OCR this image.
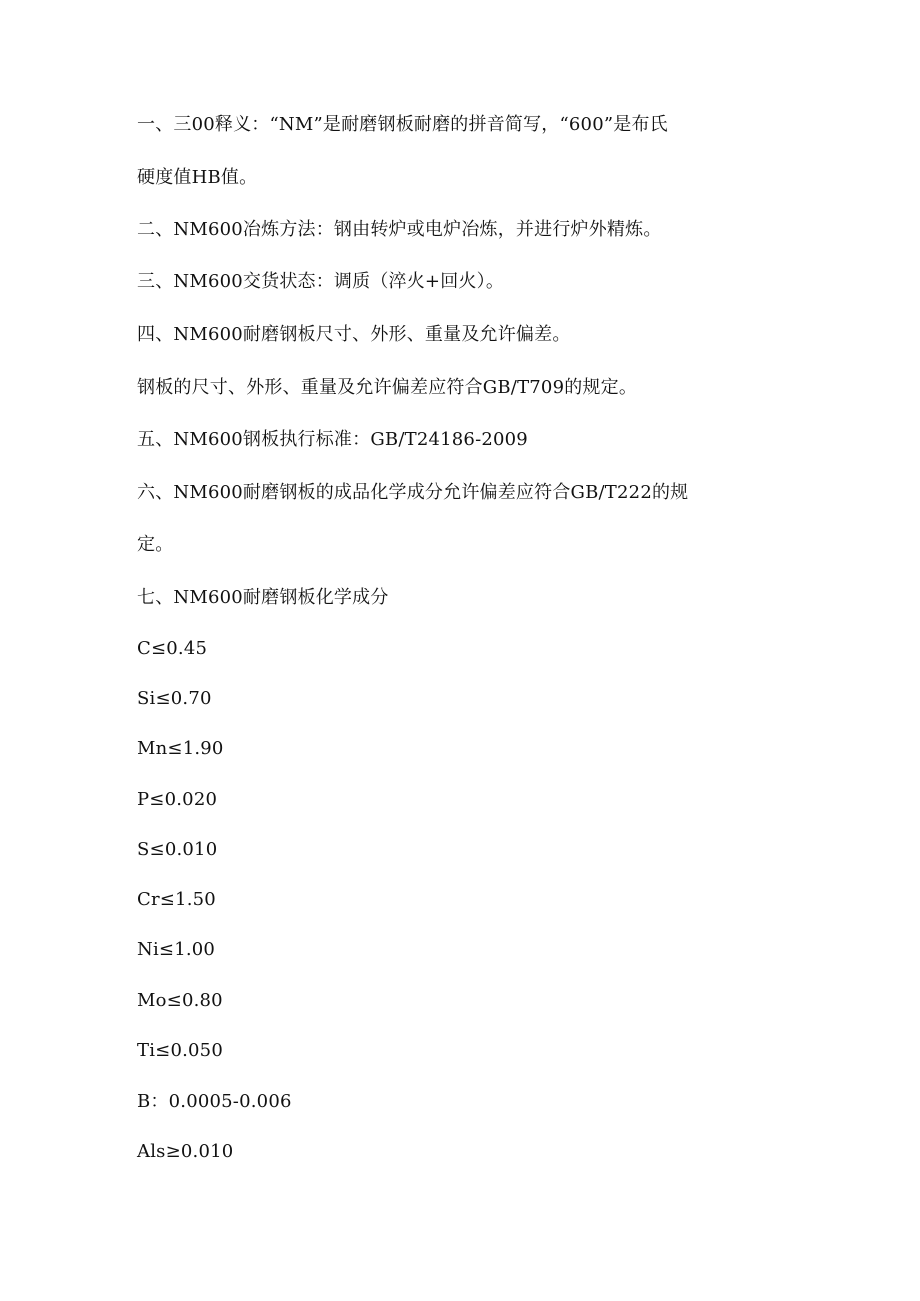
一、三00释义：“NM”是耐磨钢板耐磨的拼音简写，“600”是布氏
硬度值HB值。
二、NM600冶炼方法：钢由转炉或电炉冶炼，并进行炉外精炼。
三、NM600交货状态：调质（淬火+回火）。
四、NM600耐磨钢板尺寸、外形、重量及允许偏差。
钢板的尺寸、外形、重量及允许偏差应符合GB/T709的规定。
五、NM600钢板执行标准：GB/T24186-2009
六、NM600耐磨钢板的成品化学成分允许偏差应符合GB/T222的规
定。
七、NM600耐磨钢板化学成分
C≤0.45
Si≤0.70
Mn≤1.90
P≤0.020
S≤0.010
Cr≤1.50
Ni≤1.00
Mo≤0.80
Ti≤0.050
B：0.0005-0.006
Als≥0.010
